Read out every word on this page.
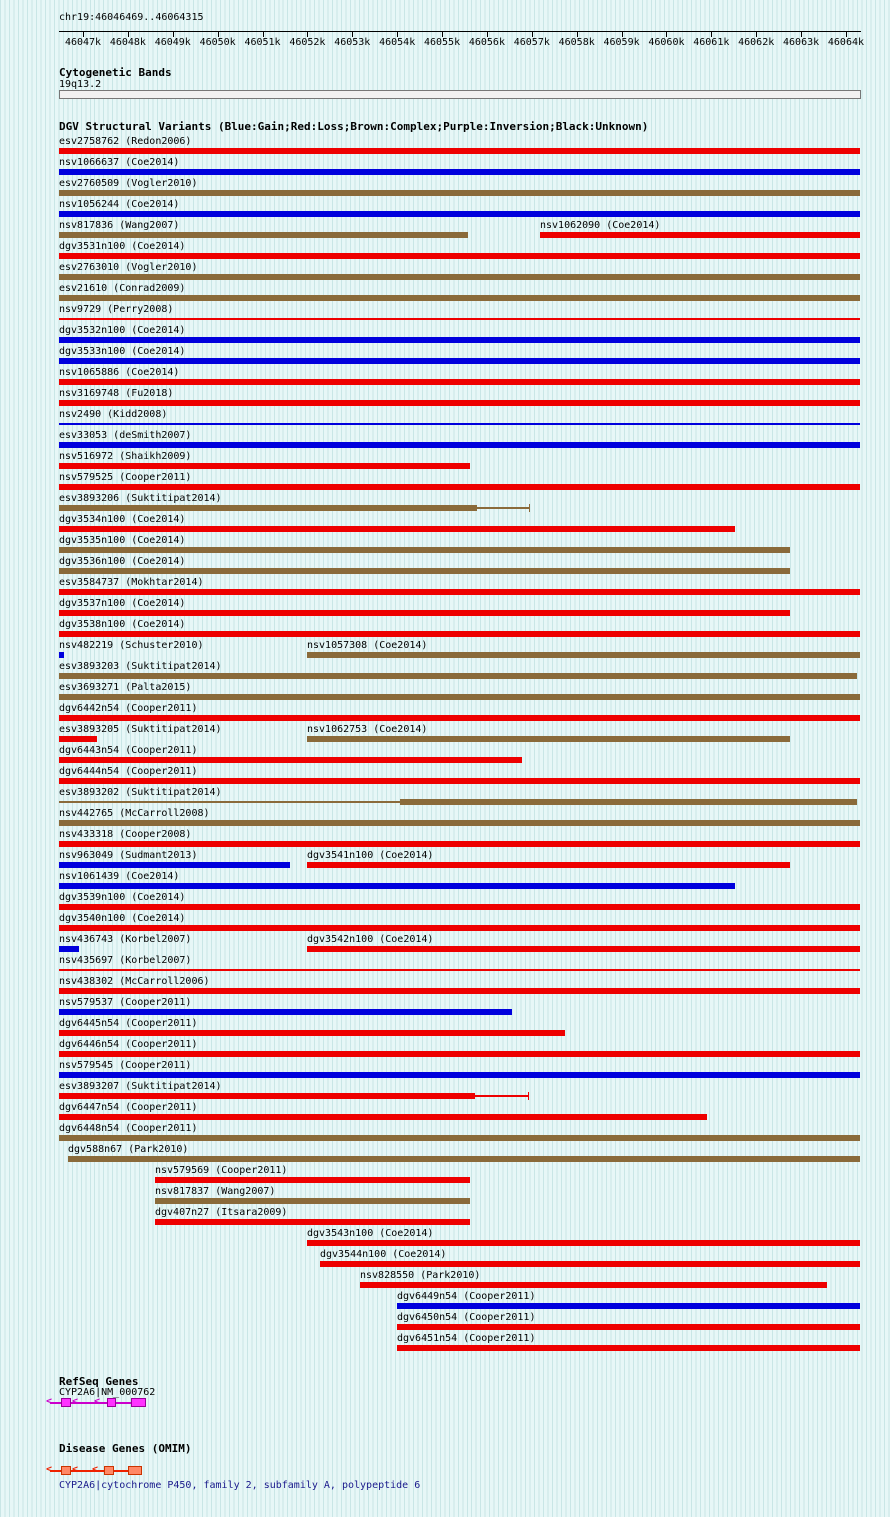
chr19:46046469..46064315
46047k 46048k 46049k 46050k 46051k 46052k 46053k 46054k 46055k 46056k 46057k 46058k 46059k 46060k 46061k 46062k 46063k 46064k
Cytogenetic Bands
19q13.2
DGV Structural Variants (Blue:Gain;Red:Loss;Brown:Complex;Purple:Inversion;Black:Unknown)
esv2758762 (Redon2006)
nsv1066637 (Coe2014)
esv2760509 (Vogler2010)
nsv1056244 (Coe2014)
nsv817836 (Wang2007)	nsv1062090 (Coe2014)
dgv3531n100 (Coe2014)
esv2763010 (Vogler2010)
esv21610 (Conrad2009)
nsv9729 (Perry2008)
dgv3532n100 (Coe2014)
dgv3533n100 (Coe2014)
nsv1065886 (Coe2014)
nsv3169748 (Fu2018)
nsv2490 (Kidd2008)
esv33053 (deSmith2007)
nsv516972 (Shaikh2009)
nsv579525 (Cooper2011)
esv3893206 (Suktitipat2014)
dgv3534n100 (Coe2014)
dgv3535n100 (Coe2014)
dgv3536n100 (Coe2014)
esv3584737 (Mokhtar2014)
dgv3537n100 (Coe2014)
dgv3538n100 (Coe2014)
nsv482219 (Schuster2010)	nsv1057308 (Coe2014)
esv3893203 (Suktitipat2014)
esv3693271 (Palta2015)
dgv6442n54 (Cooper2011)
esv3893205 (Suktitipat2014)	nsv1062753 (Coe2014)
dgv6443n54 (Cooper2011)
dgv6444n54 (Cooper2011)
esv3893202 (Suktitipat2014)
nsv442765 (McCarroll2008)
nsv433318 (Cooper2008)
nsv963049 (Sudmant2013)	dgv3541n100 (Coe2014)
nsv1061439 (Coe2014)
dgv3539n100 (Coe2014)
dgv3540n100 (Coe2014)
nsv436743 (Korbel2007)	dgv3542n100 (Coe2014)
nsv435697 (Korbel2007)
nsv438302 (McCarroll2006)
nsv579537 (Cooper2011)
dgv6445n54 (Cooper2011)
dgv6446n54 (Cooper2011)
nsv579545 (Cooper2011)
esv3893207 (Suktitipat2014)
dgv6447n54 (Cooper2011)
dgv6448n54 (Cooper2011)
dgv588n67 (Park2010)
nsv579569 (Cooper2011)
nsv817837 (Wang2007)
dgv407n27 (Itsara2009)
dgv3543n100 (Coe2014)
dgv3544n100 (Coe2014)
nsv828550 (Park2010)
dgv6449n54 (Cooper2011)
dgv6450n54 (Cooper2011)
dgv6451n54 (Cooper2011)
RefSeq Genes
CYP2A6|NM_000762
< < <
Disease Genes (OMIM)
< < <
CYP2A6|cytochrome P450, family 2, subfamily A, polypeptide 6
